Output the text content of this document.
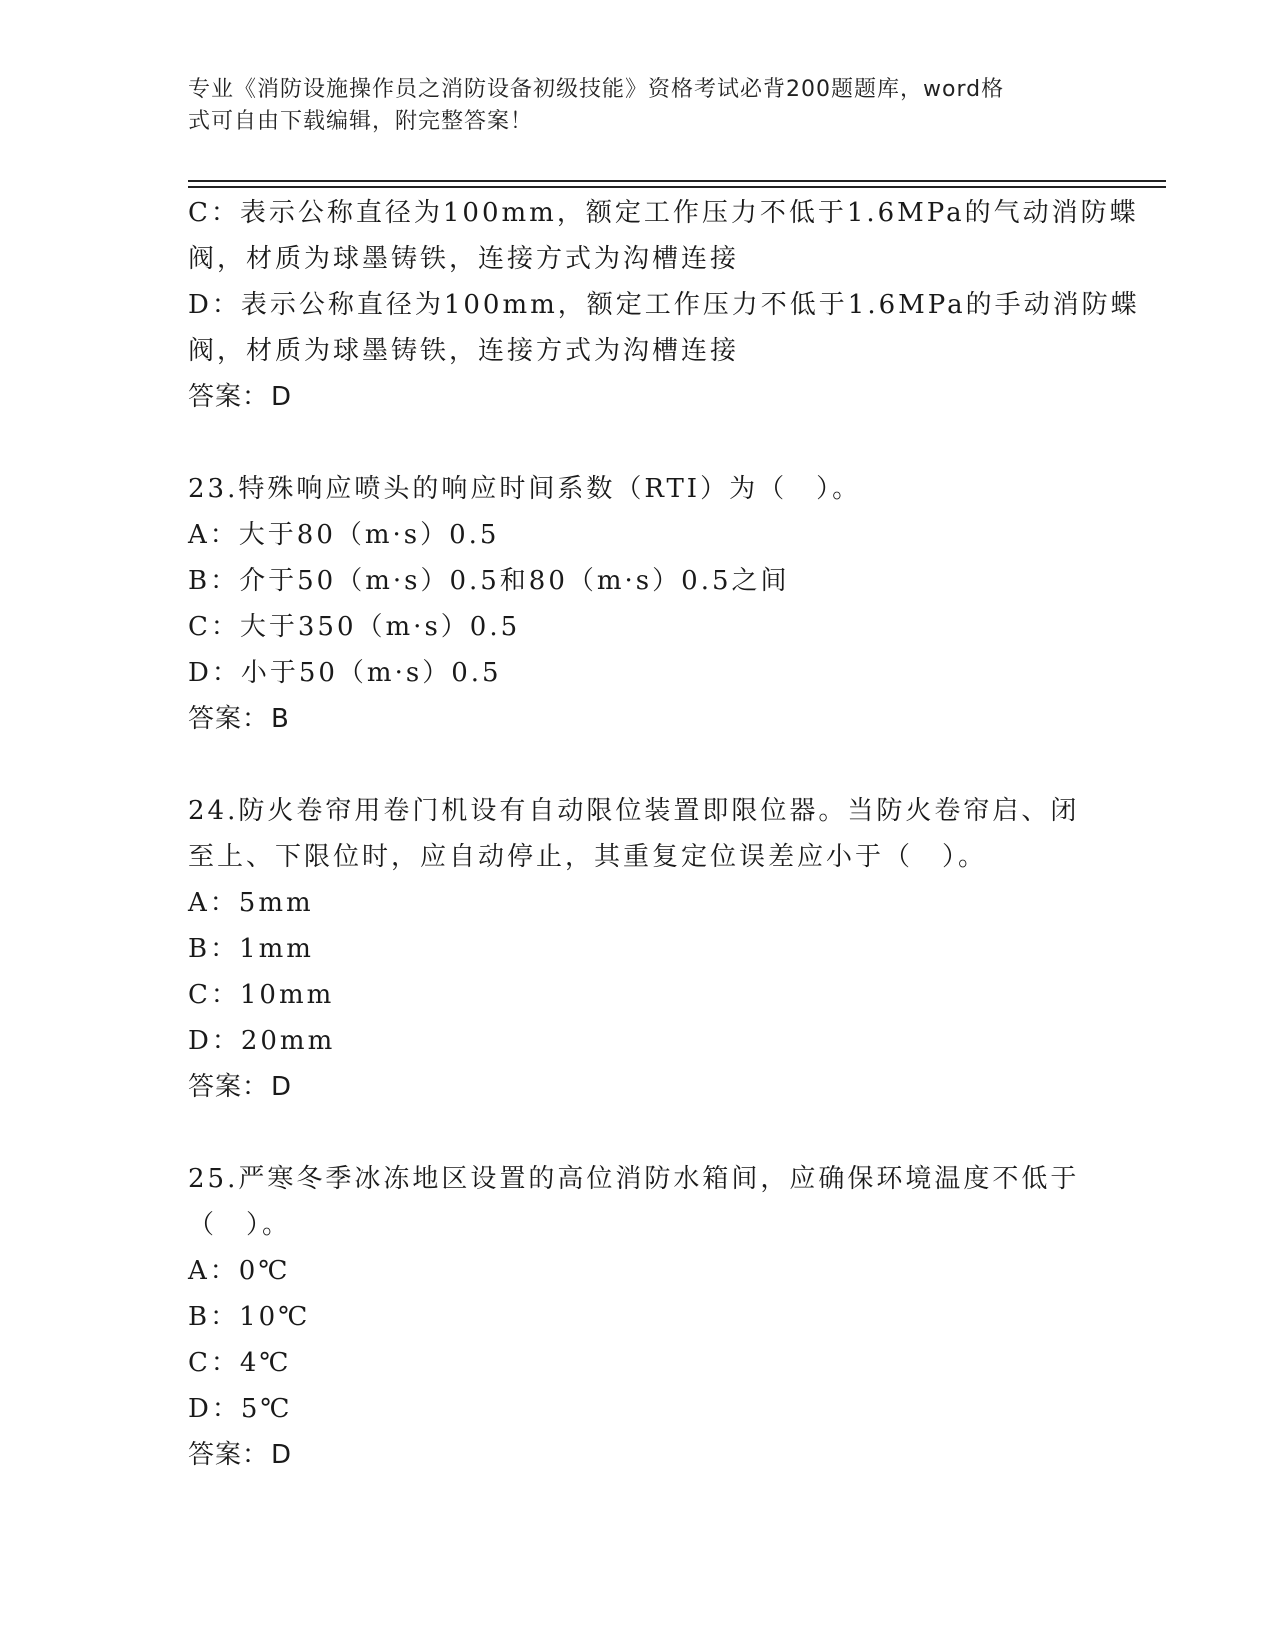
专业《消防设施操作员之消防设备初级技能》资格考试必背200题题库，word格
式可自由下载编辑，附完整答案！
C：表示公称直径为100mm，额定工作压力不低于1.6MPa的气动消防蝶
阀，材质为球墨铸铁，连接方式为沟槽连接
D：表示公称直径为100mm，额定工作压力不低于1.6MPa的手动消防蝶
阀，材质为球墨铸铁，连接方式为沟槽连接
答案：D
23.特殊响应喷头的响应时间系数（RTI）为（　）。
A：大于80（m·s）0.5
B：介于50（m·s）0.5和80（m·s）0.5之间
C：大于350（m·s）0.5
D：小于50（m·s）0.5
答案：B
24.防火卷帘用卷门机设有自动限位装置即限位器。当防火卷帘启、闭
至上、下限位时，应自动停止，其重复定位误差应小于（　）。
A：5mm
B：1mm
C：10mm
D：20mm
答案：D
25.严寒冬季冰冻地区设置的高位消防水箱间，应确保环境温度不低于
（　）。
A：0℃
B：10℃
C：4℃
D：5℃
答案：D
